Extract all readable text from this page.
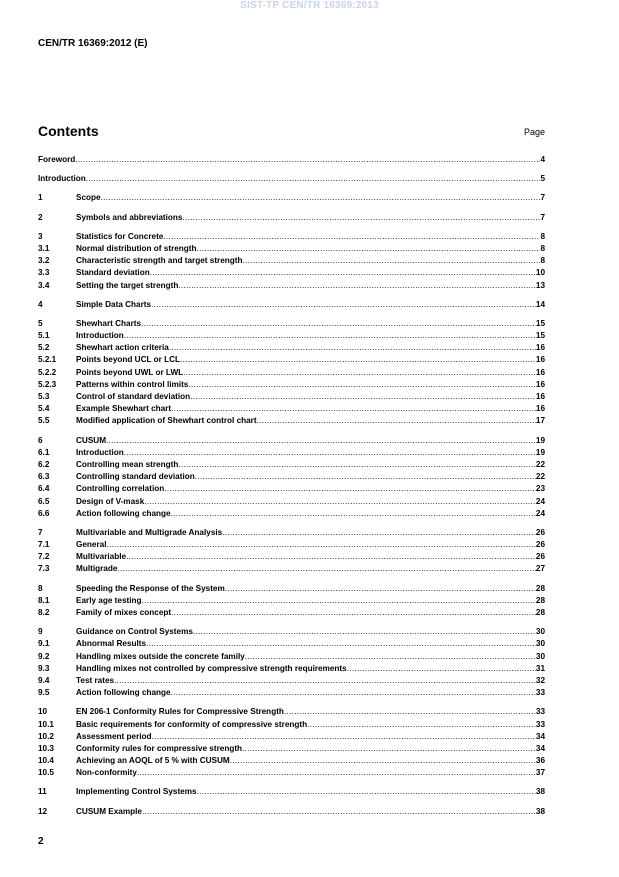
SIST-TP CEN/TR 16369:2013
CEN/TR 16369:2012 (E)
Contents	Page
Foreword .....	4
Introduction .....	5
1	Scope .....	7
2	Symbols and abbreviations .....	7
3	Statistics for Concrete .....	8
3.1	Normal distribution of strength .....	8
3.2	Characteristic strength and target strength .....	8
3.3	Standard deviation .....	10
3.4	Setting the target strength .....	13
4	Simple Data Charts .....	14
5	Shewhart Charts .....	15
5.1	Introduction .....	15
5.2	Shewhart action criteria .....	16
5.2.1	Points beyond UCL or LCL .....	16
5.2.2	Points beyond UWL or LWL .....	16
5.2.3	Patterns within control limits .....	16
5.3	Control of standard deviation .....	16
5.4	Example Shewhart chart .....	16
5.5	Modified application of Shewhart control chart .....	17
6	CUSUM .....	19
6.1	Introduction .....	19
6.2	Controlling mean strength .....	22
6.3	Controlling standard deviation .....	22
6.4	Controlling correlation .....	23
6.5	Design of V-mask .....	24
6.6	Action following change .....	24
7	Multivariable and Multigrade Analysis .....	26
7.1	General .....	26
7.2	Multivariable .....	26
7.3	Multigrade .....	27
8	Speeding the Response of the System .....	28
8.1	Early age testing .....	28
8.2	Family of mixes concept .....	28
9	Guidance on Control Systems .....	30
9.1	Abnormal Results .....	30
9.2	Handling mixes outside the concrete family .....	30
9.3	Handling mixes not controlled by compressive strength requirements .....	31
9.4	Test rates .....	32
9.5	Action following change .....	33
10	EN 206-1 Conformity Rules for Compressive Strength .....	33
10.1	Basic requirements for conformity of compressive strength .....	33
10.2	Assessment period .....	34
10.3	Conformity rules for compressive strength .....	34
10.4	Achieving an AOQL of 5 % with CUSUM .....	36
10.5	Non-conformity .....	37
11	Implementing Control Systems .....	38
12	CUSUM Example .....	38
2
